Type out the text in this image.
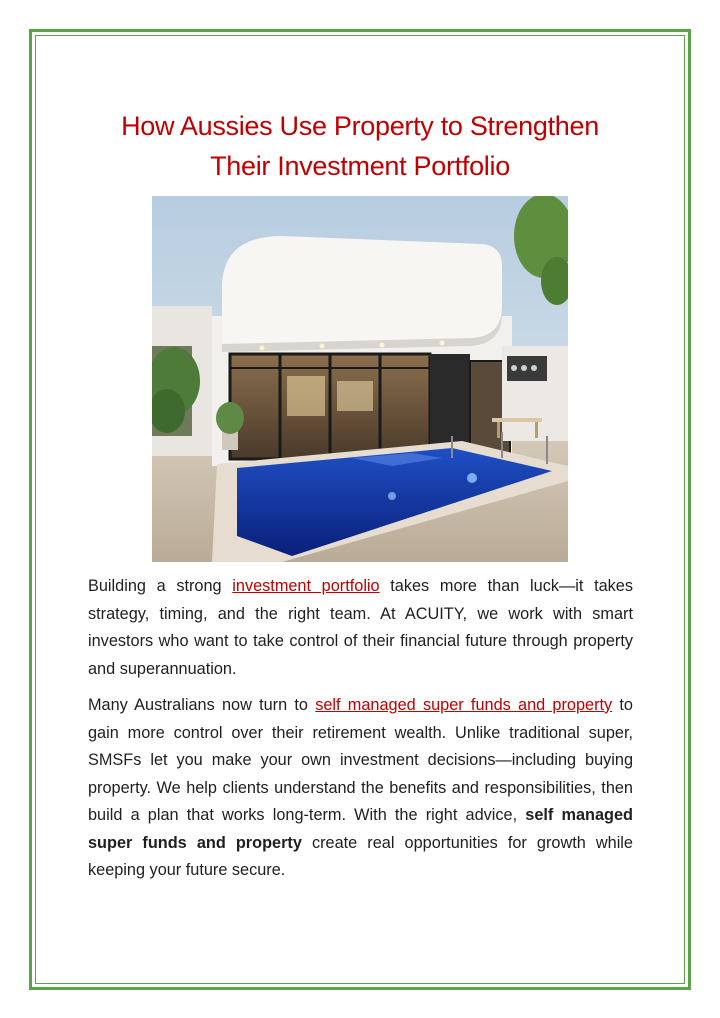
How Aussies Use Property to Strengthen
Their Investment Portfolio

Building a strong investment portfolio takes more than luck—it takes strategy, timing, and the right team. At ACUITY, we work with smart investors who want to take control of their financial future through property and superannuation.

Many Australians now turn to self managed super funds and property to gain more control over their retirement wealth. Unlike traditional super, SMSFs let you make your own investment decisions—including buying property. We help clients understand the benefits and responsibilities, then build a plan that works long-term. With the right advice, self managed super funds and property create real opportunities for growth while keeping your future secure.
